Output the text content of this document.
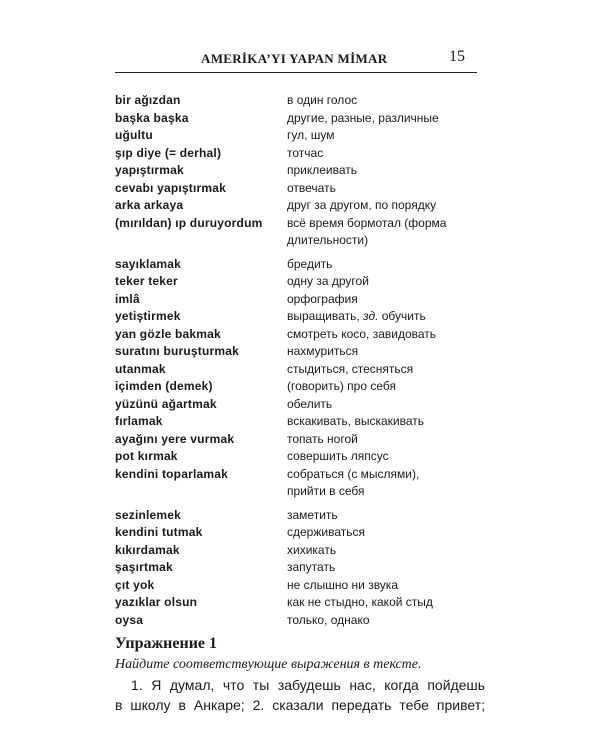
AMERİKA’YI YAPAN MİMAR	15
bir ağızdan	в один голос
başka başka	другие, разные, различные
uğultu	гул, шум
şıp diye (= derhal)	тотчас
yapıştırmak	приклеивать
cevabı yapıştırmak	отвечать
arka arkaya	друг за другом, по порядку
(mırıldan) ıp duruyordum	всё время бормотал (форма
длительности)
sayıklamak	бредить
teker teker	одну за другой
imlâ	орфография
yetiştirmek	выращивать, зд. обучить
yan gözle bakmak	смотреть косо, завидовать
suratını buruşturmak	нахмуриться
utanmak	стыдиться, стесняться
içimden (demek)	(говорить) про себя
yüzünü ağartmak	обелить
fırlamak	вскакивать, выскакивать
ayağını yere vurmak	топать ногой
pot kırmak	совершить ляпсус
kendini toparlamak	собраться (с мыслями),
прийти в себя
sezinlemek	заметить
kendini tutmak	сдерживаться
kıkırdamak	хихикать
şaşırtmak	запутать
çıt yok	не слышно ни звука
yazıklar olsun	как не стыдно, какой стыд
oysa	только, однако

Упражнение 1

Найдите соответствующие выражения в тексте.

1. Я думал, что ты забудешь нас, когда пойдешь

в школу в Анкаре; 2. сказали передать тебе привет;
